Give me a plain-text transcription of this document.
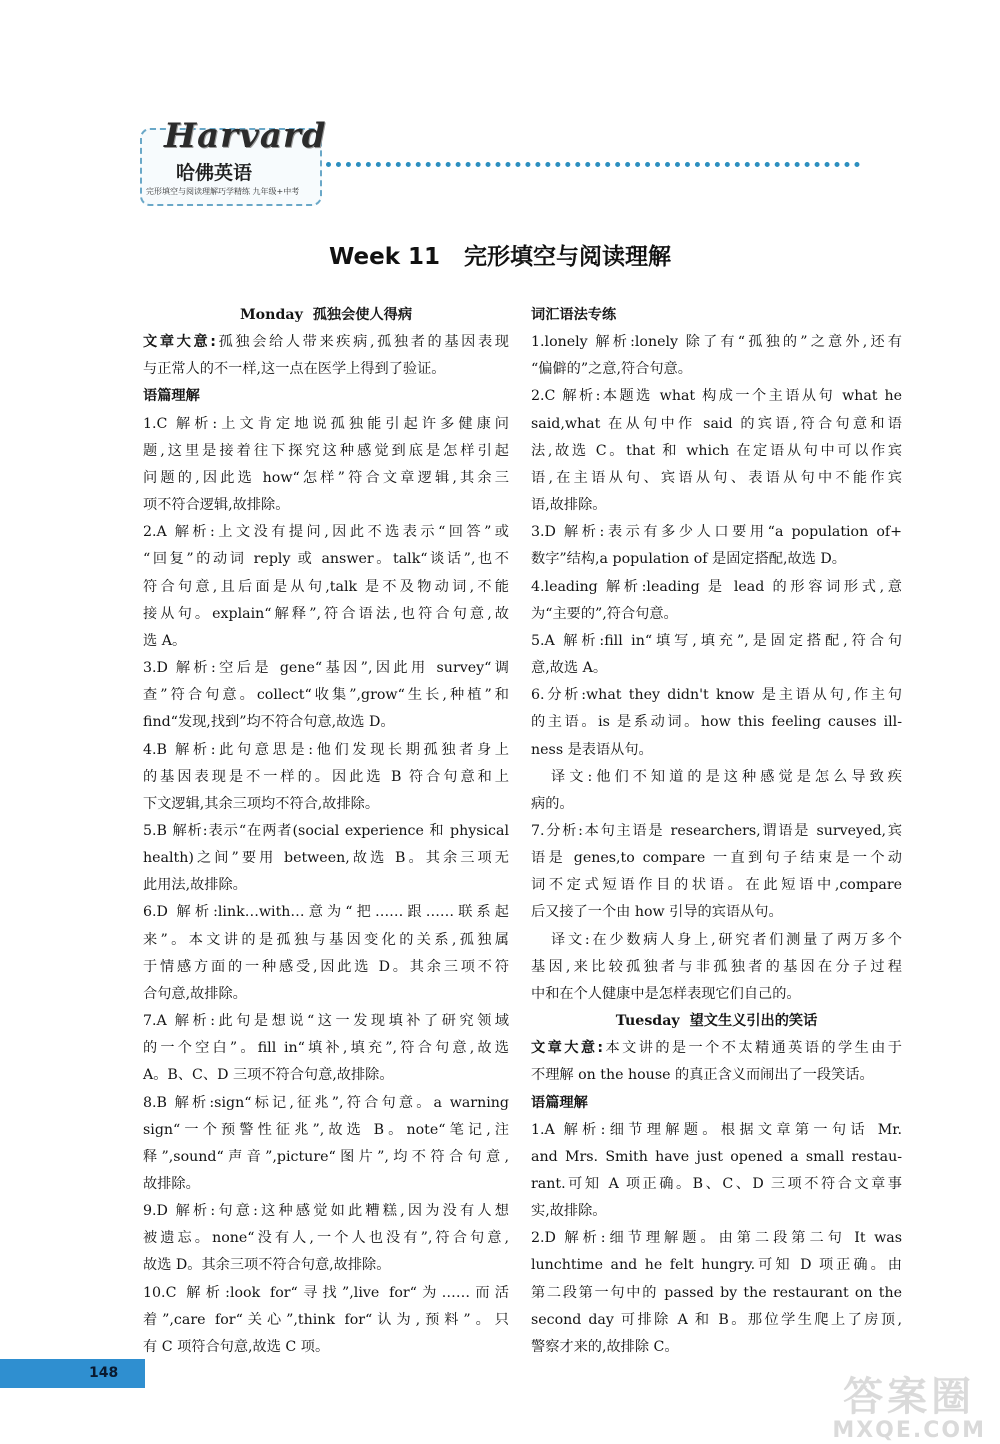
Harvard
哈佛英语
完形填空与阅读理解巧学精练 九年级+中考
Week 11   完形填空与阅读理解

Monday 孤独会使人得病

文章大意:孤独会给人带来疾病,孤独者的基因表现

与正常人的不一样,这一点在医学上得到了验证。

语篇理解

1.C 解析:上文肯定地说孤独能引起许多健康问

题,这里是接着往下探究这种感觉到底是怎样引起

问题的,因此选 how“怎样”符合文章逻辑,其余三

项不符合逻辑,故排除。

2.A 解析:上文没有提问,因此不选表示“回答”或

“回复”的动词 reply 或 answer。talk“谈话”,也不

符合句意,且后面是从句,talk 是不及物动词,不能

接从句。explain“解释”,符合语法,也符合句意,故

选 A。

3.D 解析:空后是 gene“基因”,因此用 survey“调

查”符合句意。collect“收集”,grow“生长,种植”和

find“发现,找到”均不符合句意,故选 D。

4.B 解析:此句意思是:他们发现长期孤独者身上

的基因表现是不一样的。因此选 B 符合句意和上

下文逻辑,其余三项均不符合,故排除。

5.B 解析:表示“在两者(social experience 和 physical

health)之间”要用 between,故选 B。其余三项无

此用法,故排除。

6.D 解析:link…with…意为“把……跟……联系起

来”。本文讲的是孤独与基因变化的关系,孤独属

于情感方面的一种感受,因此选 D。其余三项不符

合句意,故排除。

7.A 解析:此句是想说“这一发现填补了研究领域

的一个空白”。fill in“填补,填充”,符合句意,故选

A。B、C、D 三项不符合句意,故排除。

8.B 解析:sign“标记,征兆”,符合句意。a warning

sign“一个预警性征兆”,故选 B。note“笔记,注

释”,sound“声音”,picture“图片”,均不符合句意,

故排除。

9.D 解析:句意:这种感觉如此糟糕,因为没有人想

被遗忘。none“没有人,一个人也没有”,符合句意,

故选 D。其余三项不符合句意,故排除。

10.C 解析:look for“寻找”,live for“为……而活

着”,care for“关心”,think for“认为,预料”。只

有 C 项符合句意,故选 C 项。

词汇语法专练

1.lonely 解析:lonely 除了有“孤独的”之意外,还有

“偏僻的”之意,符合句意。

2.C 解析:本题选 what 构成一个主语从句 what he

said,what 在从句中作 said 的宾语,符合句意和语

法,故选 C。that 和 which 在定语从句中可以作宾

语,在主语从句、宾语从句、表语从句中不能作宾

语,故排除。

3.D 解析:表示有多少人口要用“a population of+

数字”结构,a population of 是固定搭配,故选 D。

4.leading 解析:leading 是 lead 的形容词形式,意

为“主要的”,符合句意。

5.A 解析:fill in“填写,填充”,是固定搭配,符合句

意,故选 A。

6.分析:what they didn't know 是主语从句,作主句

的主语。is 是系动词。how this feeling causes ill-

ness 是表语从句。

译文:他们不知道的是这种感觉是怎么导致疾

病的。

7.分析:本句主语是 researchers,谓语是 surveyed,宾

语是 genes,to compare 一直到句子结束是一个动

词不定式短语作目的状语。在此短语中,compare

后又接了一个由 how 引导的宾语从句。

译文:在少数病人身上,研究者们测量了两万多个

基因,来比较孤独者与非孤独者的基因在分子过程

中和在个人健康中是怎样表现它们自己的。

Tuesday 望文生义引出的笑话

文章大意:本文讲的是一个不太精通英语的学生由于

不理解 on the house 的真正含义而闹出了一段笑话。

语篇理解

1.A 解析:细节理解题。根据文章第一句话 Mr.

and Mrs. Smith have just opened a small restau-

rant.可知 A 项正确。B、C、D 三项不符合文章事

实,故排除。

2.D 解析:细节理解题。由第二段第二句 It was

lunchtime and he felt hungry.可知 D 项正确。由

第二段第一句中的 passed by the restaurant on the

second day 可排除 A 和 B。那位学生爬上了房顶,

警察才来的,故排除 C。

148
答案圈
MXQE.COM
